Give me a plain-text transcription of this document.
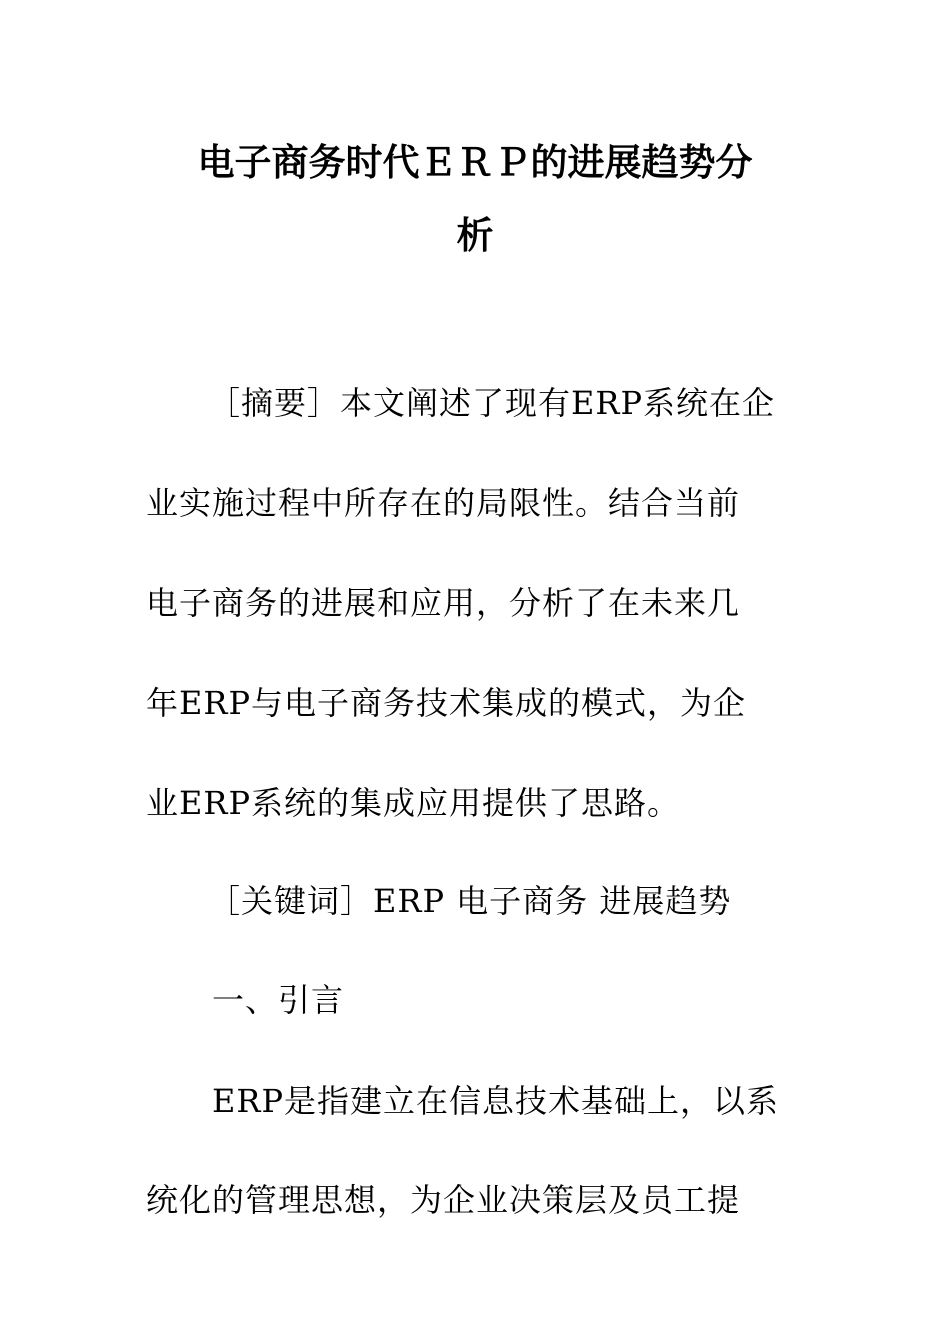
电子商务时代ＥＲＰ的进展趋势分
析
［摘要］本文阐述了现有ERP系统在企
业实施过程中所存在的局限性。结合当前
电子商务的进展和应用，分析了在未来几
年ERP与电子商务技术集成的模式，为企
业ERP系统的集成应用提供了思路。
［关键词］ERP 电子商务 进展趋势
一、引言
ERP是指建立在信息技术基础上，以系
统化的管理思想，为企业决策层及员工提
